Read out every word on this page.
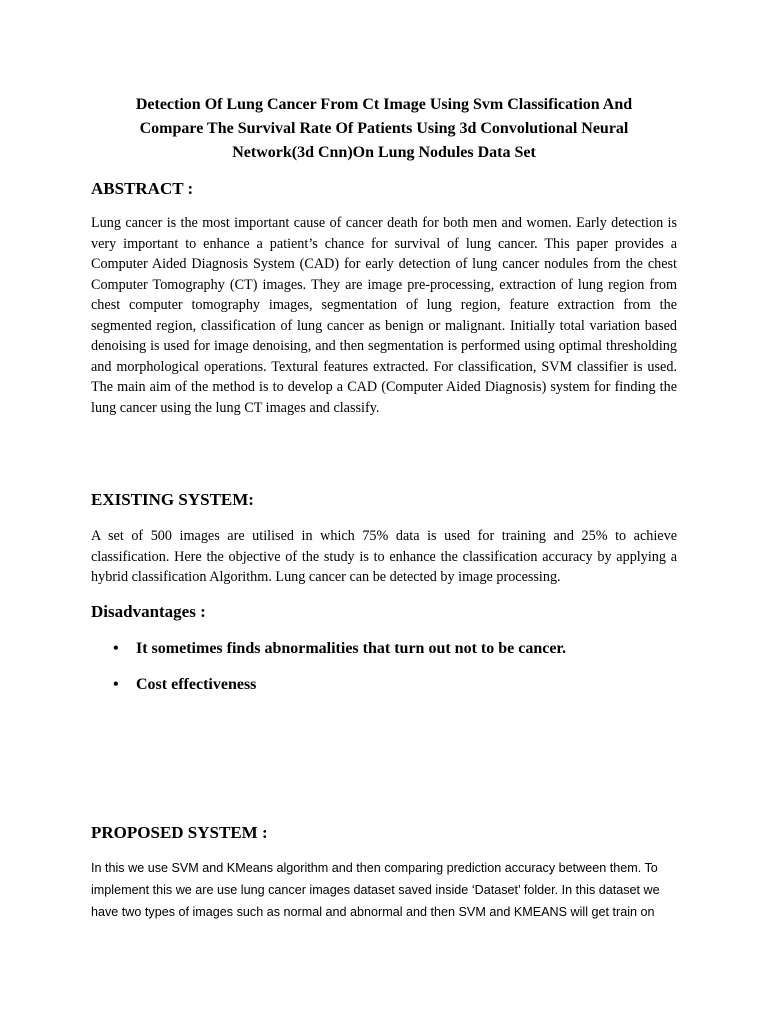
Detection Of Lung Cancer From Ct Image Using Svm Classification And
Compare The Survival Rate Of Patients Using 3d Convolutional Neural
Network(3d Cnn)On Lung Nodules Data Set
ABSTRACT :

Lung cancer is the most important cause of cancer death for both men and women. Early detection is very important to enhance a patient’s chance for survival of lung cancer. This paper provides a Computer Aided Diagnosis System (CAD) for early detection of lung cancer nodules from the chest Computer Tomography (CT) images. They are image pre-processing, extraction of lung region from chest computer tomography images, segmentation of lung region, feature extraction from the segmented region, classification of lung cancer as benign or malignant. Initially total variation based denoising is used for image denoising, and then segmentation is performed using optimal thresholding and morphological operations. Textural features extracted. For classification, SVM classifier is used. The main aim of the method is to develop a CAD (Computer Aided Diagnosis) system for finding the lung cancer using the lung CT images and classify.

EXISTING SYSTEM:

A set of 500 images are utilised in which 75% data is used for training and 25% to achieve classification. Here the objective of the study is to enhance the classification accuracy by applying a hybrid classification Algorithm. Lung cancer can be detected by image processing.

Disadvantages :
• It sometimes finds abnormalities that turn out not to be cancer.
• Cost effectiveness
PROPOSED SYSTEM :
In this we use SVM and KMeans algorithm and then comparing prediction accuracy between them. To
implement this we are use lung cancer images dataset saved inside ‘Dataset’ folder. In this dataset we
have two types of images such as normal and abnormal and then SVM and KMEANS will get train on
